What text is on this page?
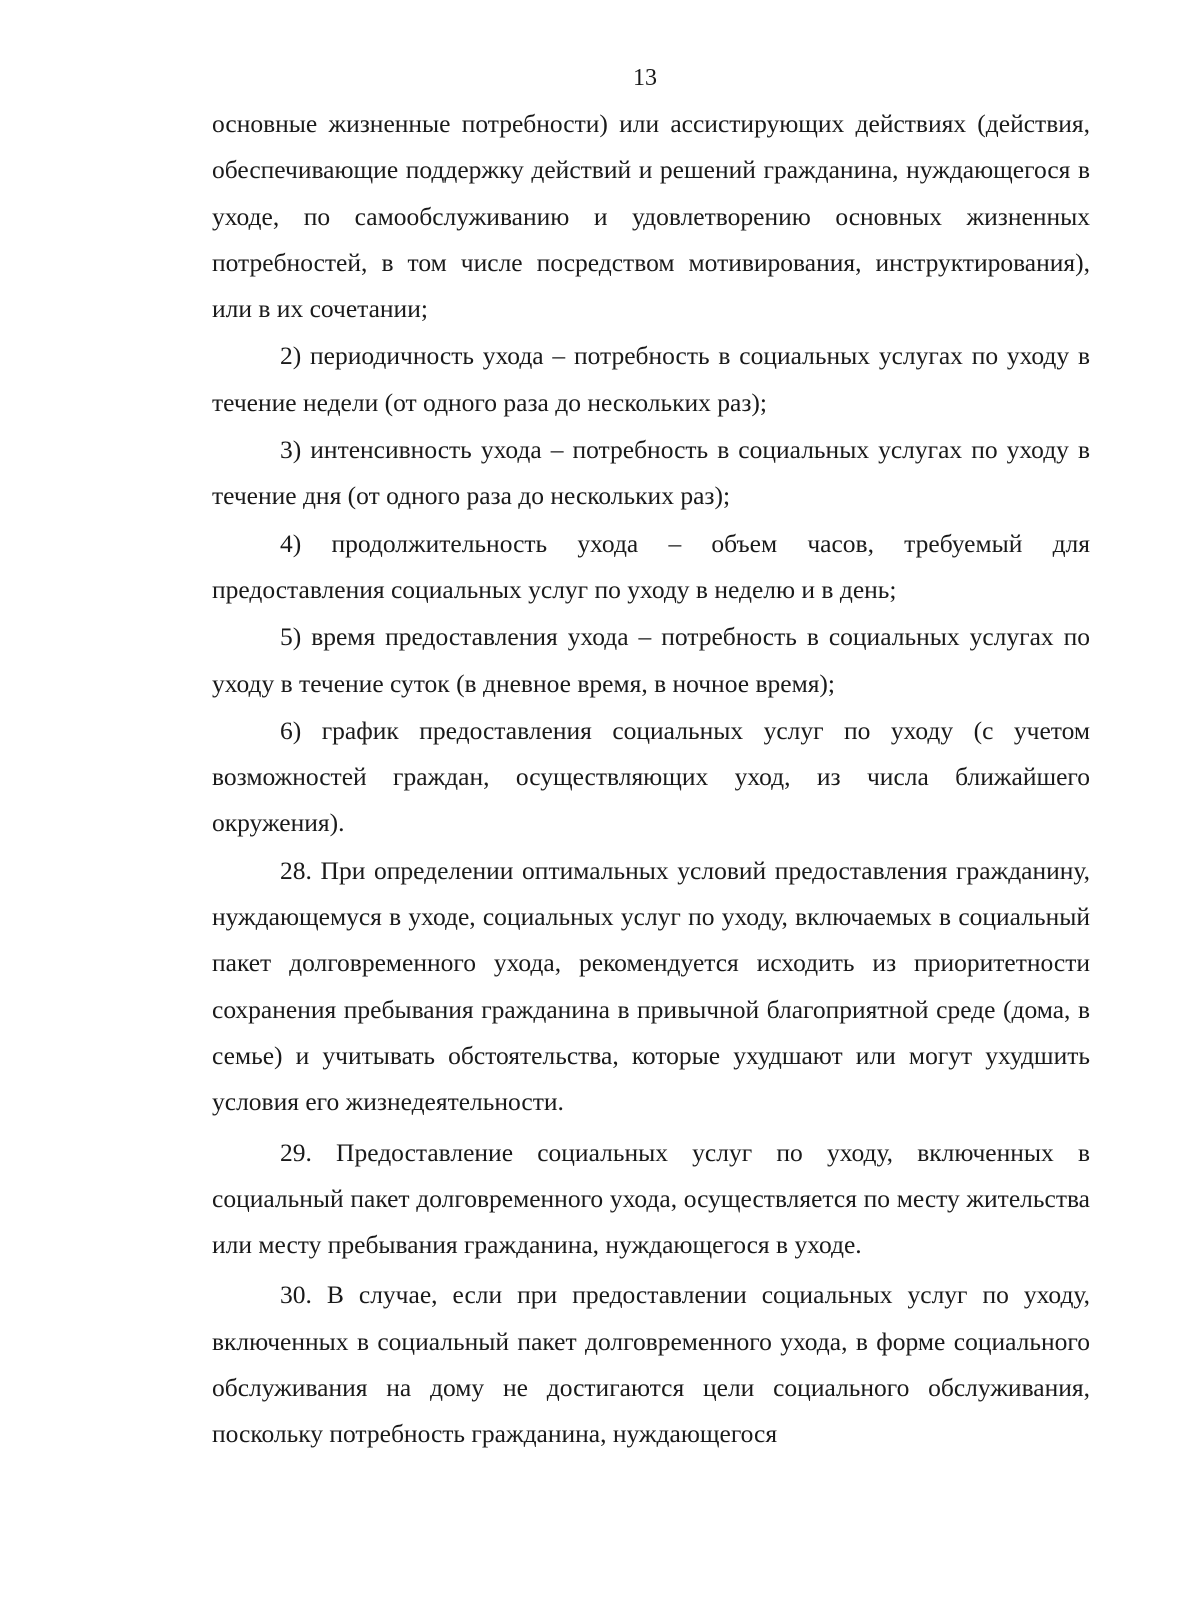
13

основные жизненные потребности) или ассистирующих действиях (действия, обеспечивающие поддержку действий и решений гражданина, нуждающегося в уходе, по самообслуживанию и удовлетворению основных жизненных потребностей, в том числе посредством мотивирования, инструктирования), или в их сочетании;

2) периодичность ухода – потребность в социальных услугах по уходу в течение недели (от одного раза до нескольких раз);

3) интенсивность ухода – потребность в социальных услугах по уходу в течение дня (от одного раза до нескольких раз);

4) продолжительность ухода – объем часов, требуемый для предоставления социальных услуг по уходу в неделю и в день;

5) время предоставления ухода – потребность в социальных услугах по уходу в течение суток (в дневное время, в ночное время);

6) график предоставления социальных услуг по уходу (с учетом возможностей граждан, осуществляющих уход, из числа ближайшего окружения).

28. При определении оптимальных условий предоставления гражданину, нуждающемуся в уходе, социальных услуг по уходу, включаемых в социальный пакет долговременного ухода, рекомендуется исходить из приоритетности сохранения пребывания гражданина в привычной благоприятной среде (дома, в семье) и учитывать обстоятельства, которые ухудшают или могут ухудшить условия его жизнедеятельности.

29. Предоставление социальных услуг по уходу, включенных в социальный пакет долговременного ухода, осуществляется по месту жительства или месту пребывания гражданина, нуждающегося в уходе.

30. В случае, если при предоставлении социальных услуг по уходу, включенных в социальный пакет долговременного ухода, в форме социального обслуживания на дому не достигаются цели социального обслуживания, поскольку потребность гражданина, нуждающегося
